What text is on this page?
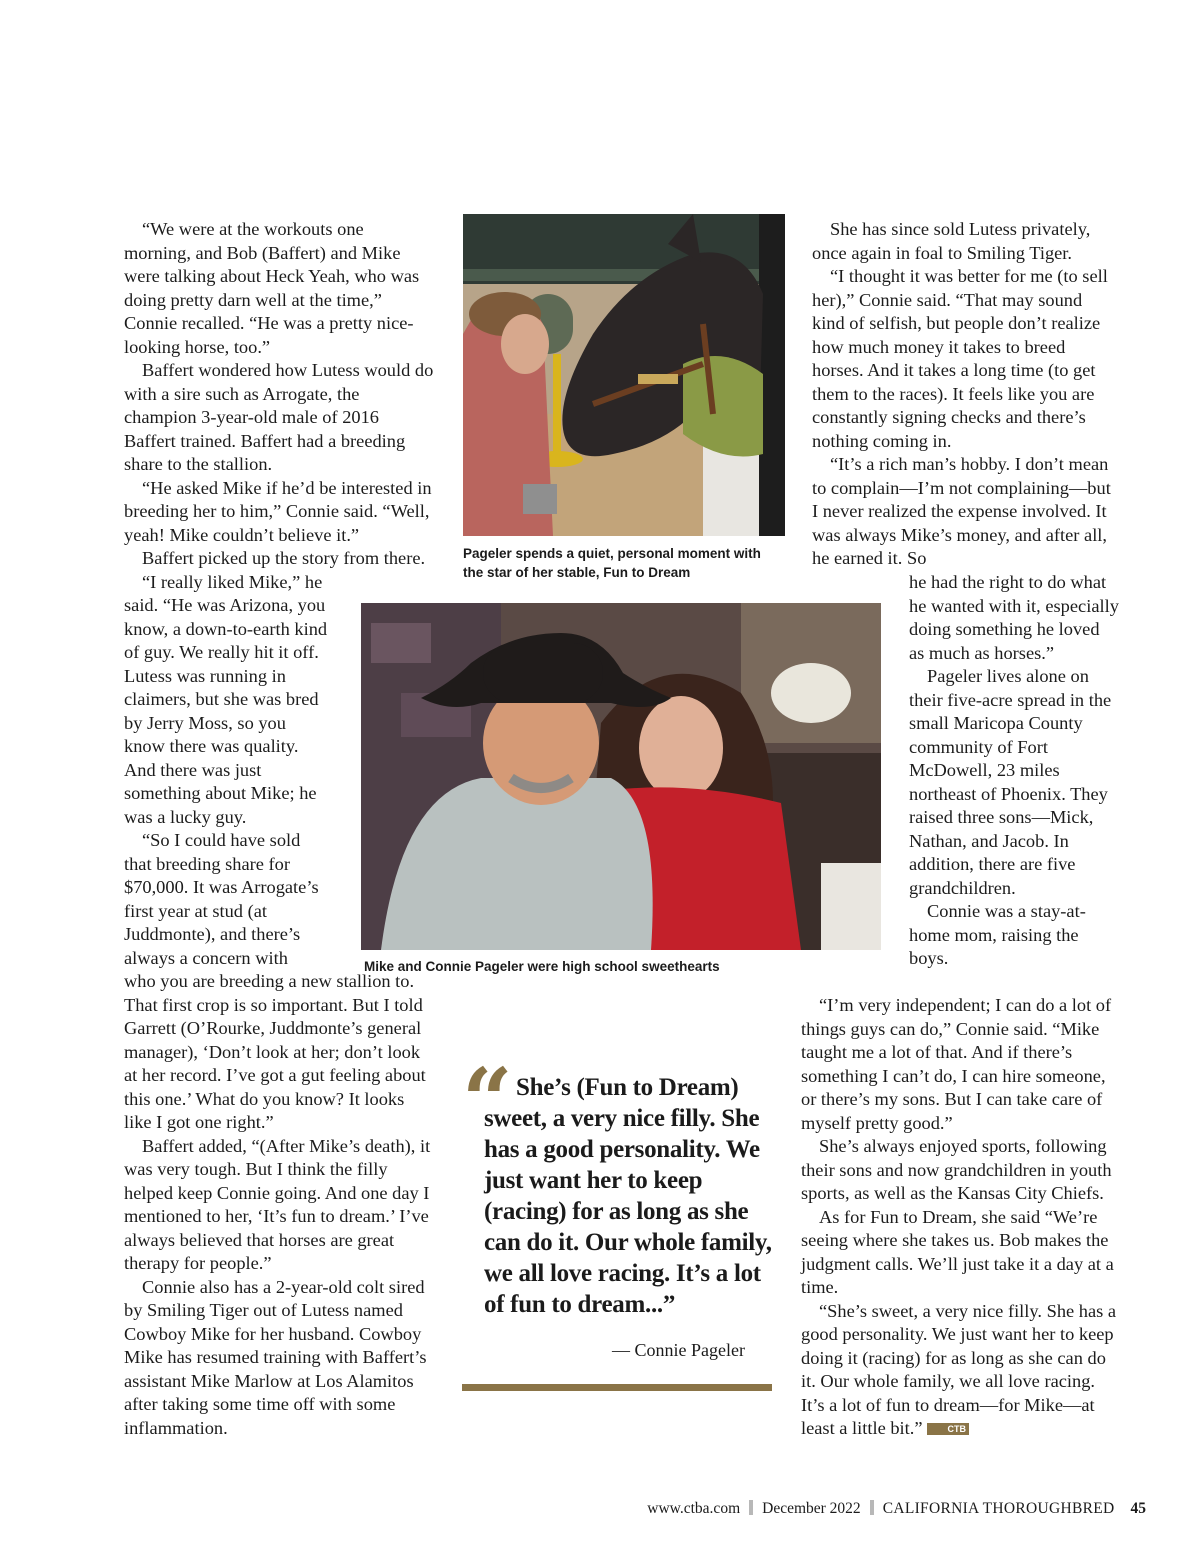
“We were at the workouts one morning, and Bob (Baffert) and Mike were talking about Heck Yeah, who was doing pretty darn well at the time,” Connie recalled. “He was a pretty nice-looking horse, too.”

Baffert wondered how Lutess would do with a sire such as Arrogate, the champion 3-year-old male of 2016 Baffert trained. Baffert had a breeding share to the stallion.

“He asked Mike if he’d be interested in breeding her to him,” Connie said. “Well, yeah! Mike couldn’t believe it.”

Baffert picked up the story from there.

“I really liked Mike,” he said. “He was Arizona, you know, a down-to-earth kind of guy. We really hit it off. Lutess was running in claimers, but she was bred by Jerry Moss, so you know there was quality. And there was just something about Mike; he was a lucky guy.

“So I could have sold that breeding share for $70,000. It was Arrogate’s first year at stud (at Juddmonte), and there’s always a concern with

who you are breeding a new stallion to. That first crop is so important. But I told Garrett (O’Rourke, Juddmonte’s general manager), ‘Don’t look at her; don’t look at her record. I’ve got a gut feeling about this one.’ What do you know? It looks like I got one right.”

Baffert added, “(After Mike’s death), it was very tough. But I think the filly helped keep Connie going. And one day I mentioned to her, ‘It’s fun to dream.’ I’ve always believed that horses are great therapy for people.”

Connie also has a 2-year-old colt sired by Smiling Tiger out of Lutess named Cowboy Mike for her husband. Cowboy Mike has resumed training with Baffert’s assistant Mike Marlow at Los Alamitos after taking some time off with some inflammation.

Pageler spends a quiet, personal moment with the star of her stable, Fun to Dream

She has since sold Lutess privately, once again in foal to Smiling Tiger.

“I thought it was better for me (to sell her),” Connie said. “That may sound kind of selfish, but people don’t realize how much money it takes to breed horses. And it takes a long time (to get them to the races). It feels like you are constantly signing checks and there’s nothing coming in.

“It’s a rich man’s hobby. I don’t mean to complain—I’m not complaining—but I never realized the expense involved. It was always Mike’s money, and after all, he earned it. So

Mike and Connie Pageler were high school sweethearts

he had the right to do what he wanted with it, especially doing something he loved as much as horses.”

Pageler lives alone on their five-acre spread in the small Maricopa County community of Fort McDowell, 23 miles northeast of Phoenix. They raised three sons—Mick, Nathan, and Jacob. In addition, there are five grandchildren.

Connie was a stay-at-home mom, raising the boys.

“I’m very independent; I can do a lot of things guys can do,” Connie said. “Mike taught me a lot of that. And if there’s something I can’t do, I can hire someone, or there’s my sons. But I can take care of myself pretty good.”

She’s always enjoyed sports, following their sons and now grandchildren in youth sports, as well as the Kansas City Chiefs.

As for Fun to Dream, she said “We’re seeing where she takes us. Bob makes the judgment calls. We’ll just take it a day at a time.

“She’s sweet, a very nice filly. She has a good personality. We just want her to keep doing it (racing) for as long as she can do it. Our whole family, we all love racing. It’s a lot of fun to dream—for Mike—at least a little bit.”	CTB

“ She’s (Fun to Dream) sweet, a very nice filly. She has a good personality. We just want her to keep (racing) for as long as she can do it. Our whole family, we all love racing. It’s a lot of fun to dream...”

— Connie Pageler
www.ctba.com December 2022 CALIFORNIA THOROUGHBRED 45
